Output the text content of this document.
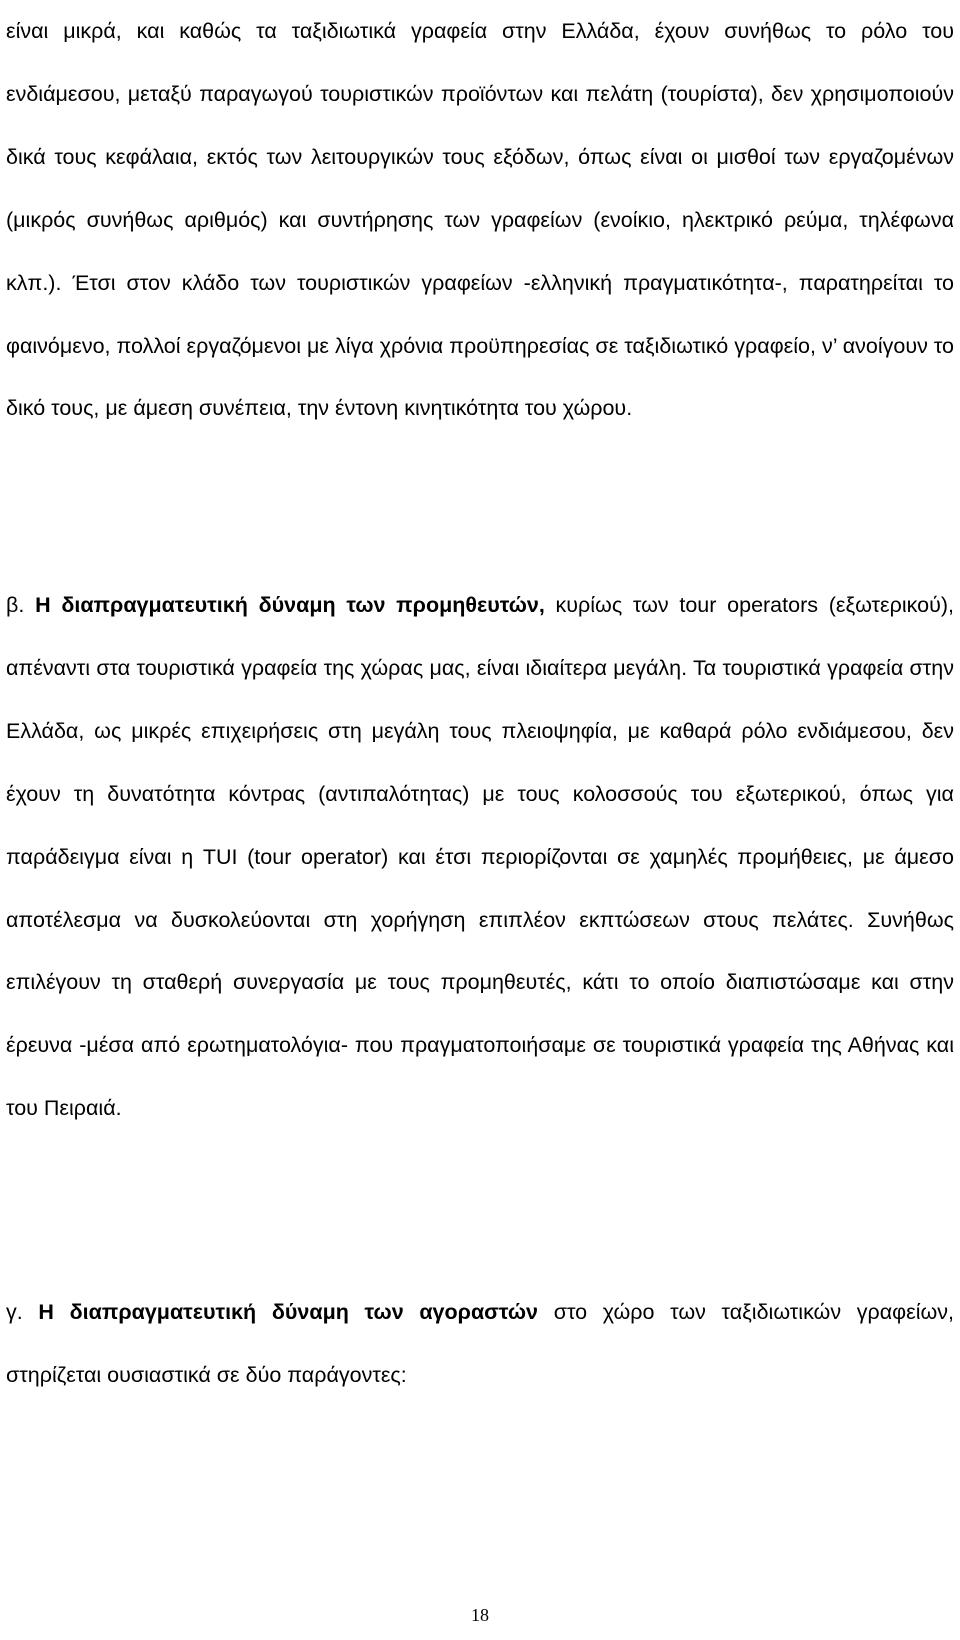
είναι μικρά, και καθώς τα ταξιδιωτικά γραφεία στην Ελλάδα, έχουν συνήθως το ρόλο του ενδιάμεσου, μεταξύ παραγωγού τουριστικών προϊόντων και πελάτη (τουρίστα), δεν χρησιμοποιούν δικά τους κεφάλαια, εκτός των λειτουργικών τους εξόδων, όπως είναι οι μισθοί των εργαζομένων (μικρός συνήθως αριθμός) και συντήρησης των γραφείων (ενοίκιο, ηλεκτρικό ρεύμα, τηλέφωνα κλπ.). Έτσι στον κλάδο των τουριστικών γραφείων -ελληνική πραγματικότητα-, παρατηρείται το φαινόμενο, πολλοί εργαζόμενοι με λίγα χρόνια προϋπηρεσίας σε ταξιδιωτικό γραφείο, ν’ ανοίγουν το δικό τους, με άμεση συνέπεια, την έντονη κινητικότητα του χώρου.

β. Η διαπραγματευτική δύναμη των προμηθευτών, κυρίως των tour operators (εξωτερικού), απέναντι στα τουριστικά γραφεία της χώρας μας, είναι ιδιαίτερα μεγάλη. Τα τουριστικά γραφεία στην Ελλάδα, ως μικρές επιχειρήσεις στη μεγάλη τους πλειοψηφία, με καθαρά ρόλο ενδιάμεσου, δεν έχουν τη δυνατότητα κόντρας (αντιπαλότητας) με τους κολοσσούς του εξωτερικού, όπως για παράδειγμα είναι η TUI (tour operator) και έτσι περιορίζονται σε χαμηλές προμήθειες, με άμεσο αποτέλεσμα να δυσκολεύονται στη χορήγηση επιπλέον εκπτώσεων στους πελάτες. Συνήθως επιλέγουν τη σταθερή συνεργασία με τους προμηθευτές, κάτι το οποίο διαπιστώσαμε και στην έρευνα -μέσα από ερωτηματολόγια- που πραγματοποιήσαμε σε τουριστικά γραφεία της Αθήνας και του Πειραιά.

γ. Η διαπραγματευτική δύναμη των αγοραστών στο χώρο των ταξιδιωτικών γραφείων, στηρίζεται ουσιαστικά σε δύο παράγοντες:

18
